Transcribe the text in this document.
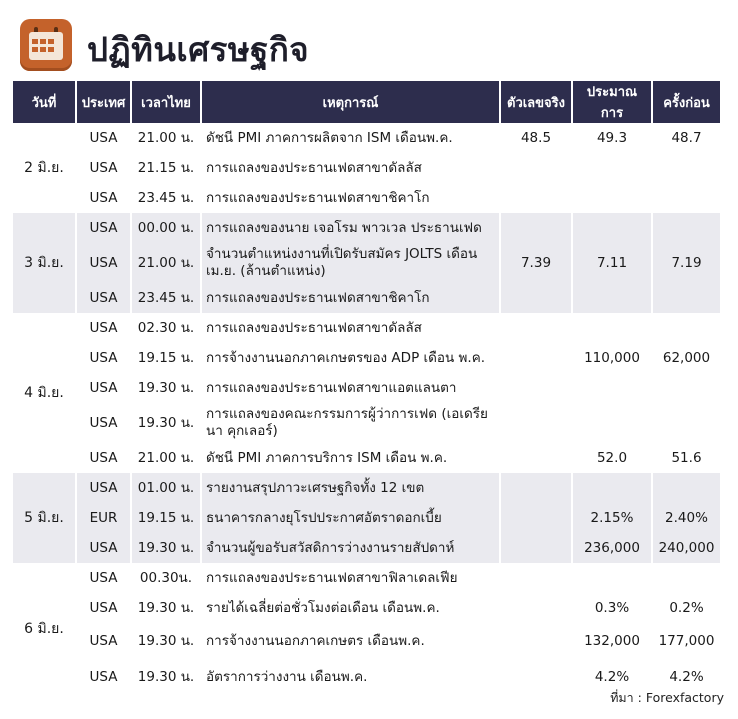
ปฏิทินเศรษฐกิจ
วันที่	ประเทศ	เวลาไทย	เหตุการณ์	ตัวเลขจริง	ประมาณการ	ครั้งก่อน
2 มิ.ย.	USA	21.00 น.	ดัชนี PMI ภาคการผลิตจาก ISM เดือนพ.ค.	48.5	49.3	48.7
	USA	21.15 น.	การแถลงของประธานเฟดสาขาดัลลัส			
	USA	23.45 น.	การแถลงของประธานเฟดสาขาชิคาโก			
3 มิ.ย.	USA	00.00 น.	การแถลงของนาย เจอโรม พาวเวล ประธานเฟด			
	USA	21.00 น.	จำนวนตำแหน่งงานที่เปิดรับสมัคร JOLTS เดือน เม.ย. (ล้านตำแหน่ง)	7.39	7.11	7.19
	USA	23.45 น.	การแถลงของประธานเฟดสาขาชิคาโก			
4 มิ.ย.	USA	02.30 น.	การแถลงของประธานเฟดสาขาดัลลัส			
	USA	19.15 น.	การจ้างงานนอกภาคเกษตรของ ADP เดือน พ.ค.		110,000	62,000
	USA	19.30 น.	การแถลงของประธานเฟดสาขาแอตแลนตา			
	USA	19.30 น.	การแถลงของคณะกรรมการผู้ว่าการเฟด (เอเดรียนา คุกเลอร์)			
	USA	21.00 น.	ดัชนี PMI ภาคการบริการ ISM เดือน พ.ค.		52.0	51.6
5 มิ.ย.	USA	01.00 น.	รายงานสรุปภาวะเศรษฐกิจทั้ง 12 เขต			
	EUR	19.15 น.	ธนาคารกลางยุโรปประกาศอัตราดอกเบี้ย		2.15%	2.40%
	USA	19.30 น.	จำนวนผู้ขอรับสวัสดิการว่างงานรายสัปดาห์		236,000	240,000
6 มิ.ย.	USA	00.30น.	การแถลงของประธานเฟดสาขาฟิลาเดลเฟีย			
	USA	19.30 น.	รายได้เฉลี่ยต่อชั่วโมงต่อเดือน เดือนพ.ค.		0.3%	0.2%
	USA	19.30 น.	การจ้างงานนอกภาคเกษตร เดือนพ.ค.		132,000	177,000
	USA	19.30 น.	อัตราการว่างงาน เดือนพ.ค.		4.2%	4.2%
ที่มา : Forexfactory
